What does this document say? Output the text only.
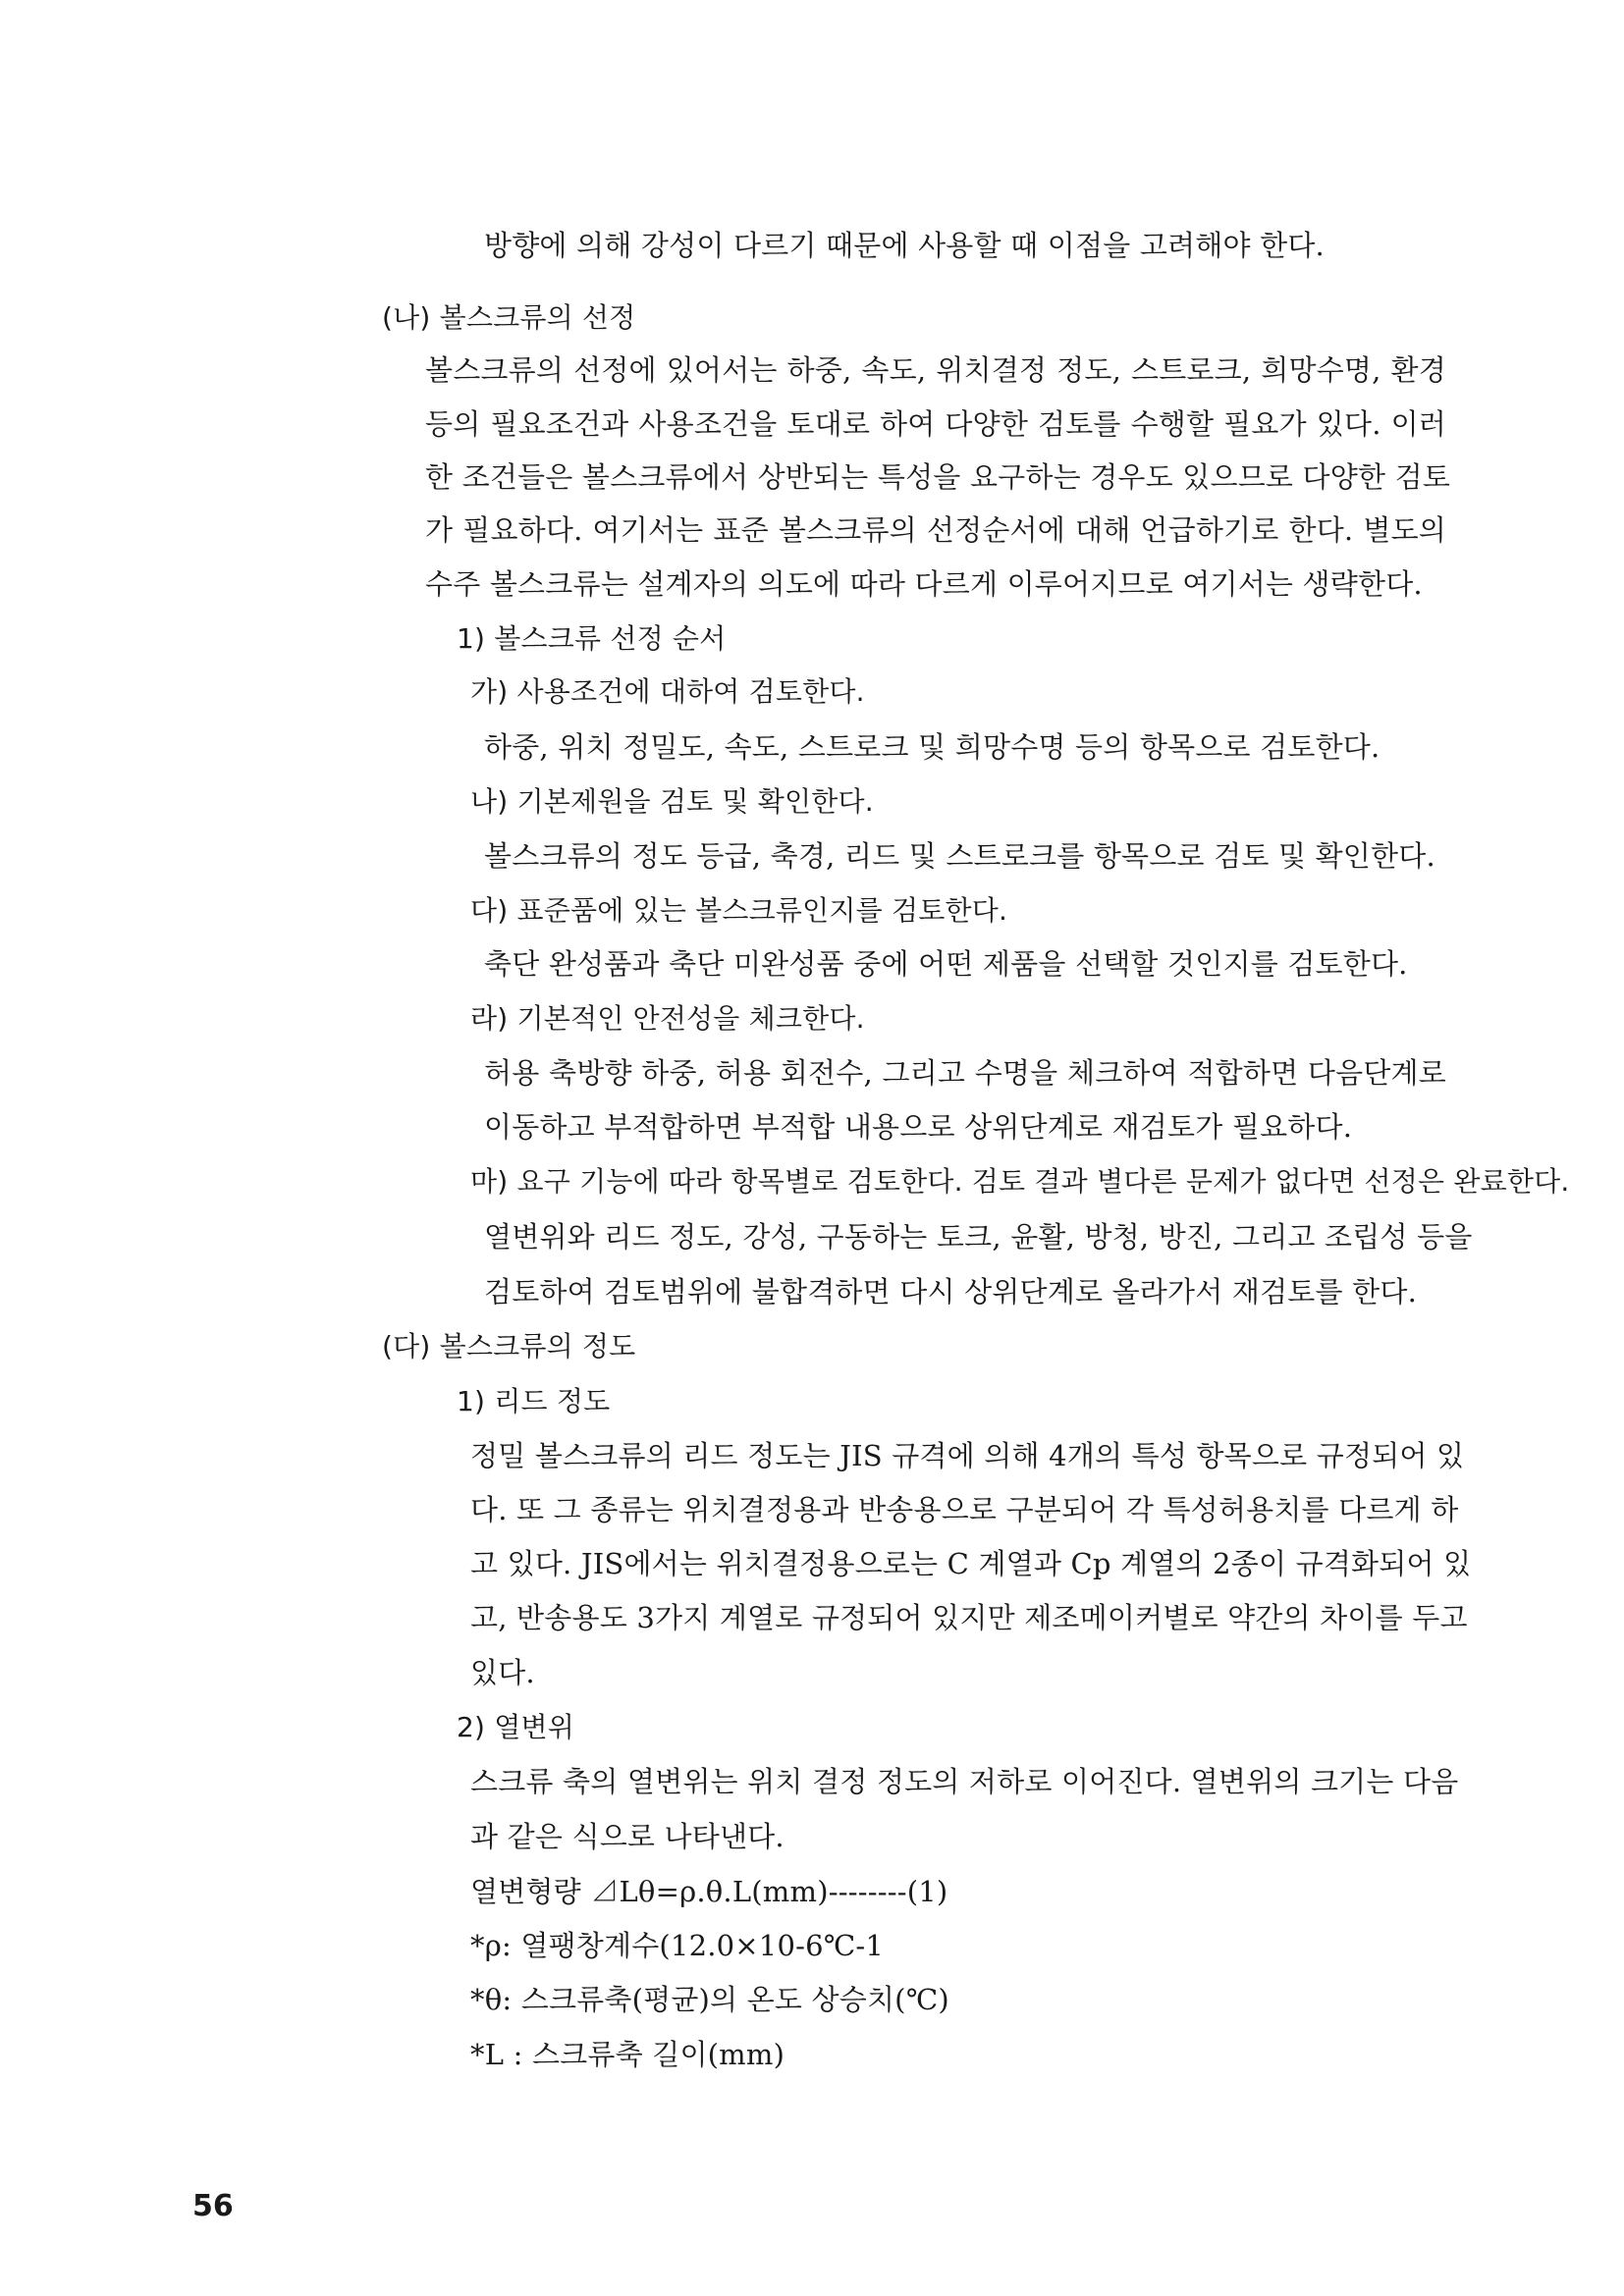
방향에 의해 강성이 다르기 때문에 사용할 때 이점을 고려해야 한다.
(나) 볼스크류의 선정
볼스크류의 선정에 있어서는 하중, 속도, 위치결정 정도, 스트로크, 희망수명, 환경
등의 필요조건과 사용조건을 토대로 하여 다양한 검토를 수행할 필요가 있다. 이러
한 조건들은 볼스크류에서 상반되는 특성을 요구하는 경우도 있으므로 다양한 검토
가 필요하다. 여기서는 표준 볼스크류의 선정순서에 대해 언급하기로 한다. 별도의
수주 볼스크류는 설계자의 의도에 따라 다르게 이루어지므로 여기서는 생략한다.
1) 볼스크류 선정 순서
가) 사용조건에 대하여 검토한다.
하중, 위치 정밀도, 속도, 스트로크 및 희망수명 등의 항목으로 검토한다.
나) 기본제원을 검토 및 확인한다.
볼스크류의 정도 등급, 축경, 리드 및 스트로크를 항목으로 검토 및 확인한다.
다) 표준품에 있는 볼스크류인지를 검토한다.
축단 완성품과 축단 미완성품 중에 어떤 제품을 선택할 것인지를 검토한다.
라) 기본적인 안전성을 체크한다.
허용 축방향 하중, 허용 회전수, 그리고 수명을 체크하여 적합하면 다음단계로
이동하고 부적합하면 부적합 내용으로 상위단계로 재검토가 필요하다.
마) 요구 기능에 따라 항목별로 검토한다. 검토 결과 별다른 문제가 없다면 선정은 완료한다.
열변위와 리드 정도, 강성, 구동하는 토크, 윤활, 방청, 방진, 그리고 조립성 등을
검토하여 검토범위에 불합격하면 다시 상위단계로 올라가서 재검토를 한다.
(다) 볼스크류의 정도
1) 리드 정도
정밀 볼스크류의 리드 정도는 JIS 규격에 의해 4개의 특성 항목으로 규정되어 있
다. 또 그 종류는 위치결정용과 반송용으로 구분되어 각 특성허용치를 다르게 하
고 있다. JIS에서는 위치결정용으로는 C 계열과 Cp 계열의 2종이 규격화되어 있
고, 반송용도 3가지 계열로 규정되어 있지만 제조메이커별로 약간의 차이를 두고
있다.
2) 열변위
스크류 축의 열변위는 위치 결정 정도의 저하로 이어진다. 열변위의 크기는 다음
과 같은 식으로 나타낸다.
열변형량 ⊿Lθ=ρ.θ.L(mm)--------(1)
*ρ: 열팽창계수(12.0×10-6℃-1
*θ: 스크류축(평균)의 온도 상승치(℃)
*L : 스크류축 길이(mm)
56
